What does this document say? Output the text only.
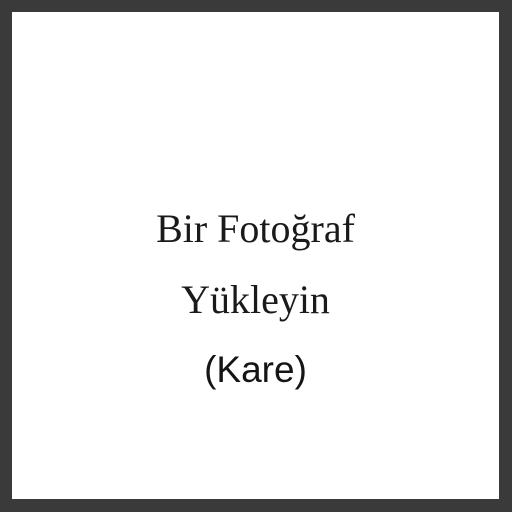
Bir Fotoğraf
Yükleyin
(Kare)
